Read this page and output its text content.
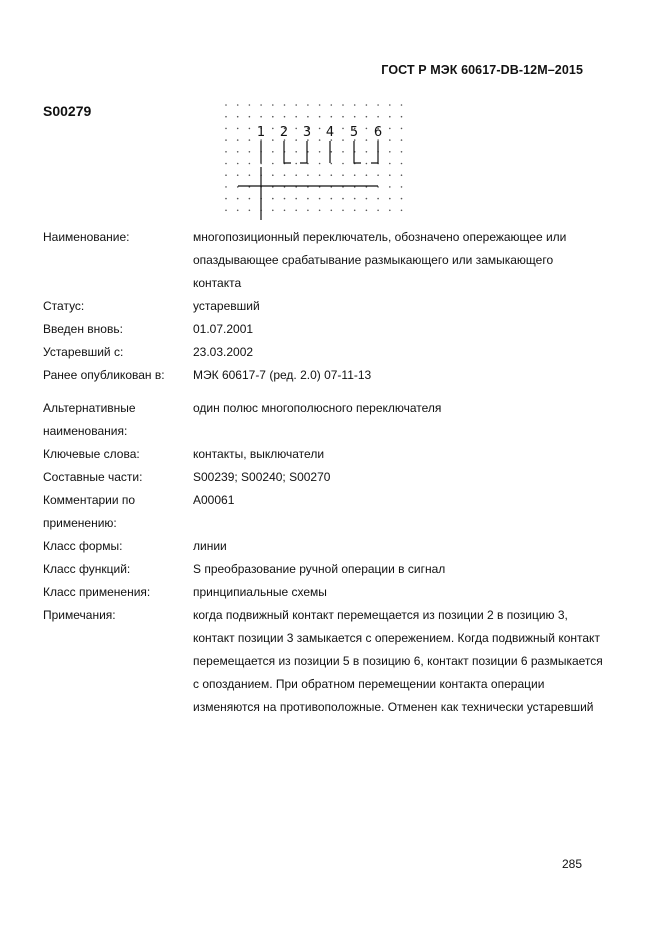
ГОСТ Р МЭК 60617-DB-12M–2015
S00279
1 2 3 4 5 6
Наименование:	многопозиционный переключатель, обозначено опережающее или опаздывающее срабатывание размыкающего или замыкающего контакта
Статус:	устаревший
Введен вновь:	01.07.2001
Устаревший с:	23.03.2002
Ранее опубликован в:	МЭК 60617-7 (ред. 2.0) 07-11-13
Альтернативные наименования:
один полюс многополюсного переключателя
Ключевые слова:	контакты, выключатели
Составные части:	S00239; S00240; S00270
Комментарии по применению:
A00061
Класс формы:	линии
Класс функций:	S преобразование ручной операции в сигнал
Класс применения:	принципиальные схемы
Примечания:	когда подвижный контакт перемещается из позиции 2 в позицию 3, контакт позиции 3 замыкается с опережением. Когда подвижный контакт перемещается из позиции 5 в позицию 6, контакт позиции 6 размыкается с опозданием. При обратном перемещении контакта операции изменяются на противоположные. Отменен как технически устаревший
285
